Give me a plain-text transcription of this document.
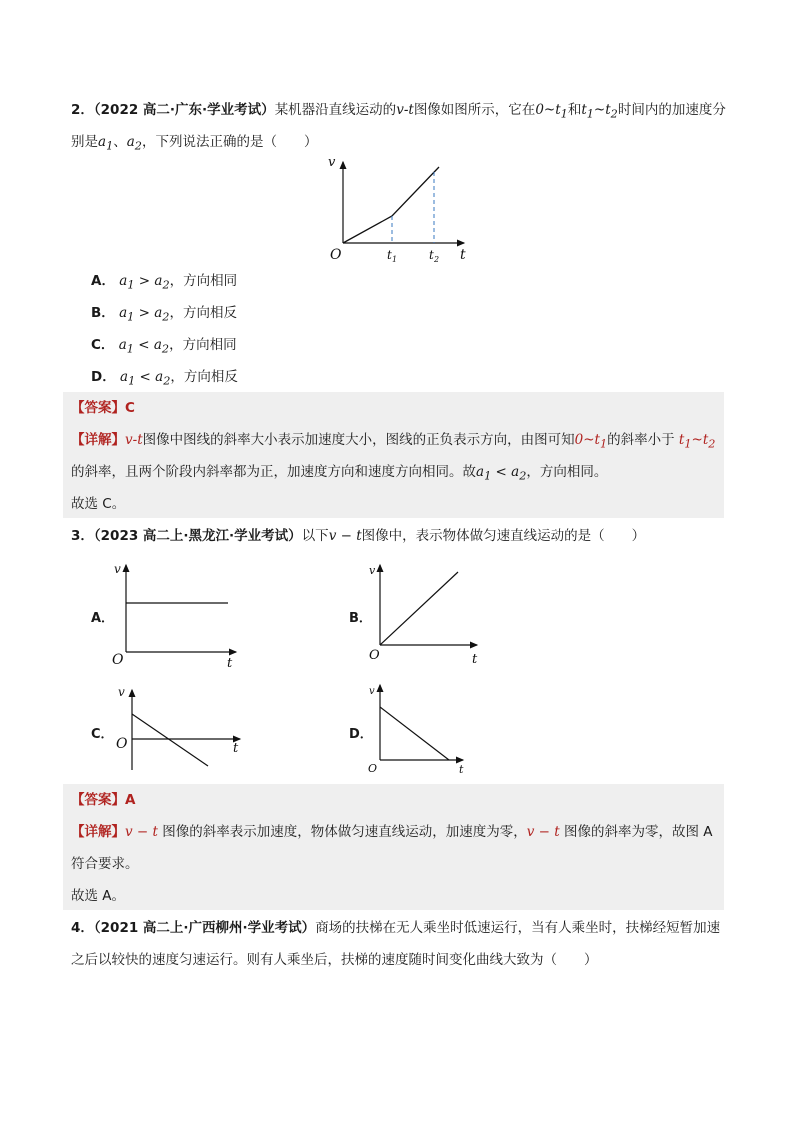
2．（2022 高二·广东·学业考试）某机器沿直线运动的v-t图像如图所示，它在$0\sim t_1$和$t_1\sim t_2$时间内的加速度分
别是$a_1$、$a_2$，下列说法正确的是（　　）
v
O	t
t 1	t 2
A． $a_1 > a_2$，方向相同
B． $a_1 > a_2$，方向相反
C． $a_1 < a_2$，方向相同
D． $a_1 < a_2$，方向相反
【答案】C
【详解】v-t图像中图线的斜率大小表示加速度大小，图线的正负表示方向，由图可知$0\sim t_1$的斜率小于 $t_1\sim t_2$
的斜率，且两个阶段内斜率都为正，加速度方向和速度方向相同。故$a_1 < a_2$，方向相同。
故选 C。
3．（2023 高二上·黑龙江·学业考试）以下v − t图像中，表示物体做匀速直线运动的是（　　）
A．
v
O	t
B．
v
O	t
C．
v
O	t
D．
v
O	t
【答案】A
【详解】v − t 图像的斜率表示加速度，物体做匀速直线运动，加速度为零，v − t 图像的斜率为零，故图 A
符合要求。
故选 A。
4．（2021 高二上·广西柳州·学业考试）商场的扶梯在无人乘坐时低速运行，当有人乘坐时，扶梯经短暂加速
之后以较快的速度匀速运行。则有人乘坐后，扶梯的速度随时间变化曲线大致为（　　）
